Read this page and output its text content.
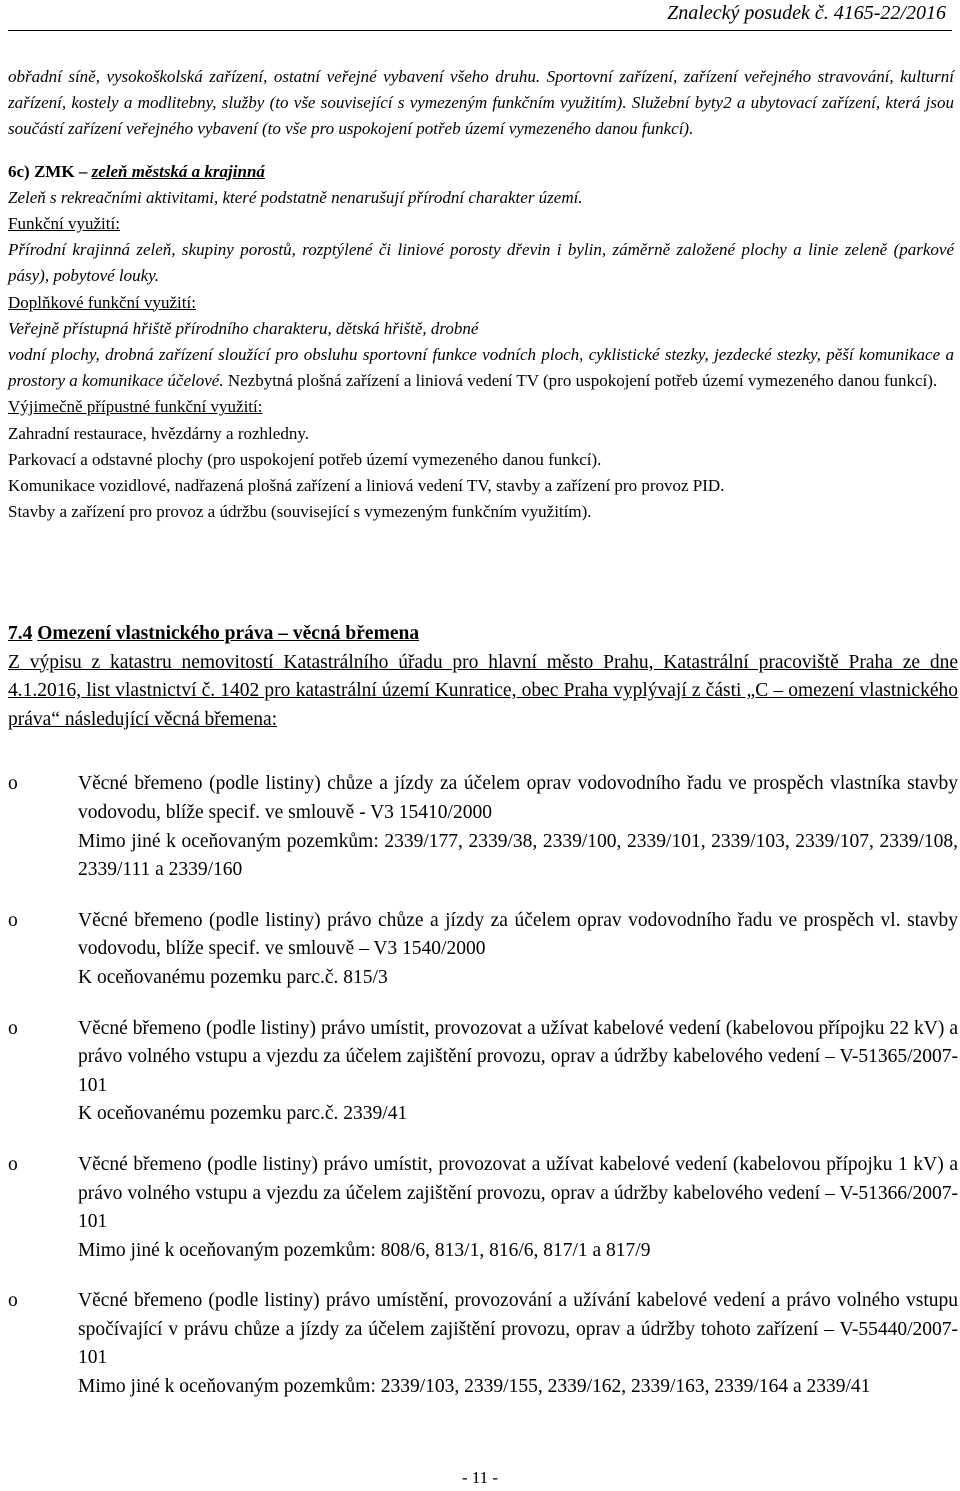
Znalecký posudek č. 4165-22/2016

obřadní síně, vysokoškolská zařízení, ostatní veřejné vybavení všeho druhu. Sportovní zařízení, zařízení veřejného stravování, kulturní zařízení, kostely a modlitebny, služby (to vše související s vymezeným funkčním využitím). Služební byty2 a ubytovací zařízení, která jsou součástí zařízení veřejného vybavení (to vše pro uspokojení potřeb území vymezeného danou funkcí).

6c) ZMK – zeleň městská a krajinná

Zeleň s rekreačními aktivitami, které podstatně nenarušují přírodní charakter území.

Funkční využití:

Přírodní krajinná zeleň, skupiny porostů, rozptýlené či liniové porosty dřevin i bylin, záměrně založené plochy a linie zeleně (parkové pásy), pobytové louky.

Doplňkové funkční využití:

Veřejně přístupná hřiště přírodního charakteru, dětská hřiště, drobné

vodní plochy, drobná zařízení sloužící pro obsluhu sportovní funkce vodních ploch, cyklistické stezky, jezdecké stezky, pěší komunikace a prostory a komunikace účelové. Nezbytná plošná zařízení a liniová vedení TV (pro uspokojení potřeb území vymezeného danou funkcí).

Výjimečně přípustné funkční využití:

Zahradní restaurace, hvězdárny a rozhledny.

Parkovací a odstavné plochy (pro uspokojení potřeb území vymezeného danou funkcí).

Komunikace vozidlové, nadřazená plošná zařízení a liniová vedení TV, stavby a zařízení pro provoz PID.

Stavby a zařízení pro provoz a údržbu (související s vymezeným funkčním využitím).

7.4 Omezení vlastnického práva – věcná břemena
Z výpisu z katastru nemovitostí Katastrálního úřadu pro hlavní město Prahu, Katastrální pracoviště Praha ze dne 4.1.2016, list vlastnictví č. 1402 pro katastrální území Kunratice, obec Praha vyplývají z části „C – omezení vlastnického práva“ následující věcná břemena:
o	Věcné břemeno (podle listiny) chůze a jízdy za účelem oprav vodovodního řadu ve prospěch vlastníka stavby vodovodu, blíže specif. ve smlouvě - V3 15410/2000
Mimo jiné k oceňovaným pozemkům: 2339/177, 2339/38, 2339/100, 2339/101, 2339/103, 2339/107, 2339/108, 2339/111 a 2339/160
o	Věcné břemeno (podle listiny) právo chůze a jízdy za účelem oprav vodovodního řadu ve prospěch vl. stavby vodovodu, blíže specif. ve smlouvě – V3 1540/2000
K oceňovanému pozemku parc.č. 815/3
o	Věcné břemeno (podle listiny) právo umístit, provozovat a užívat kabelové vedení (kabelovou přípojku 22 kV) a právo volného vstupu a vjezdu za účelem zajištění provozu, oprav a údržby kabelového vedení – V-51365/2007-101
K oceňovanému pozemku parc.č. 2339/41
o	Věcné břemeno (podle listiny) právo umístit, provozovat a užívat kabelové vedení (kabelovou přípojku 1 kV) a právo volného vstupu a vjezdu za účelem zajištění provozu, oprav a údržby kabelového vedení – V-51366/2007-101
Mimo jiné k oceňovaným pozemkům: 808/6, 813/1, 816/6, 817/1 a 817/9
o	Věcné břemeno (podle listiny) právo umístění, provozování a užívání kabelové vedení a právo volného vstupu spočívající v právu chůze a jízdy za účelem zajištění provozu, oprav a údržby tohoto zařízení – V-55440/2007-101
Mimo jiné k oceňovaným pozemkům: 2339/103, 2339/155, 2339/162, 2339/163, 2339/164 a 2339/41
- 11 -
